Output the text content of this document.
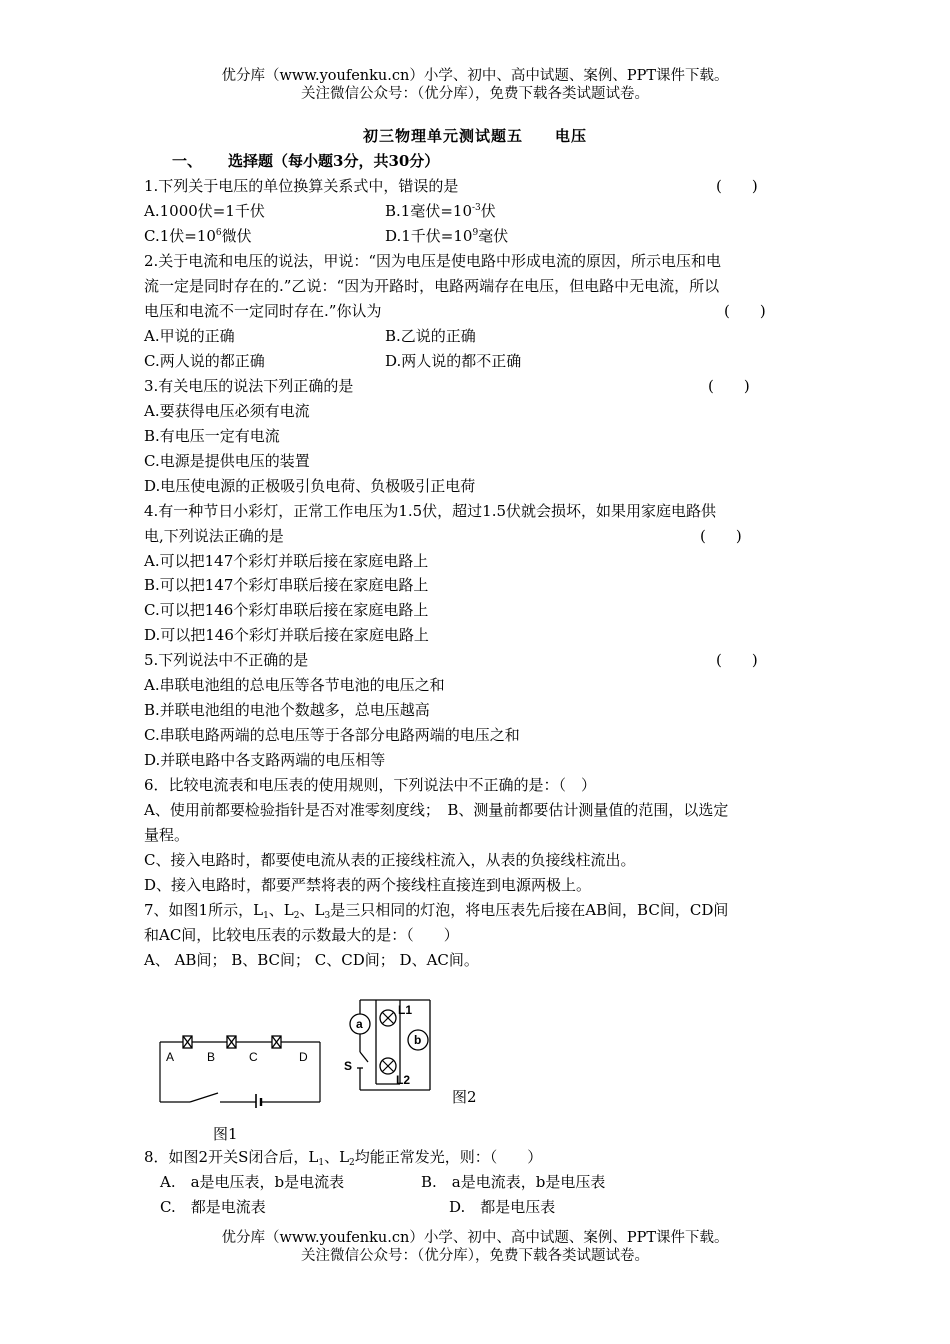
优分库（www.youfenku.cn）小学、初中、高中试题、案例、PPT课件下载。
关注微信公众号：（优分库），免费下载各类试题试卷。
初三物理单元测试题五　　电压
一、 选择题（每小题3分，共30分）
1.下列关于电压的单位换算关系式中，错误的是	(　　)
A.1000伏=1千伏	B.1毫伏$=10^{-3}$伏
C.1伏$=10^6$微伏	D.1千伏$=10^9$毫伏
2.关于电流和电压的说法，甲说：“因为电压是使电路中形成电流的原因，所示电压和电
流一定是同时存在的.”乙说：“因为开路时，电路两端存在电压，但电路中无电流，所以
电压和电流不一定同时存在.”你认为	(　　)
A.甲说的正确	B.乙说的正确
C.两人说的都正确	D.两人说的都不正确
3.有关电压的说法下列正确的是	(　　)
A.要获得电压必须有电流
B.有电压一定有电流
C.电源是提供电压的装置
D.电压使电源的正极吸引负电荷、负极吸引正电荷
4.有一种节日小彩灯，正常工作电压为1.5伏，超过1.5伏就会损坏，如果用家庭电路供
电,下列说法正确的是	(　　)
A.可以把147个彩灯并联后接在家庭电路上
B.可以把147个彩灯串联后接在家庭电路上
C.可以把146个彩灯串联后接在家庭电路上
D.可以把146个彩灯并联后接在家庭电路上
5.下列说法中不正确的是	(　　)
A.串联电池组的总电压等各节电池的电压之和
B.并联电池组的电池个数越多，总电压越高
C.串联电路两端的总电压等于各部分电路两端的电压之和
D.并联电路中各支路两端的电压相等
6．比较电流表和电压表的使用规则，下列说法中不正确的是：（　）
A、使用前都要检验指针是否对准零刻度线；　B、测量前都要估计测量值的范围，以选定
量程。
C、接入电路时，都要使电流从表的正接线柱流入，从表的负接线柱流出。
D、接入电路时，都要严禁将表的两个接线柱直接连到电源两极上。
7、如图1所示，$L_1$、$L_2$、$L_3$是三只相同的灯泡，将电压表先后接在AB间，BC间，CD间
和AC间，比较电压表的示数最大的是：（　　）
A、 AB间； B、BC间； C、CD间； D、AC间。
A	B	C	D
图1
a
L1
L2
b
S
图2
8．如图2开关S闭合后，$L_1$、$L_2$均能正常发光，则：（　　）
A.　a是电压表，b是电流表	B.　a是电流表，b是电压表
C.　都是电流表	D.　都是电压表
优分库（www.youfenku.cn）小学、初中、高中试题、案例、PPT课件下载。
关注微信公众号：（优分库），免费下载各类试题试卷。
